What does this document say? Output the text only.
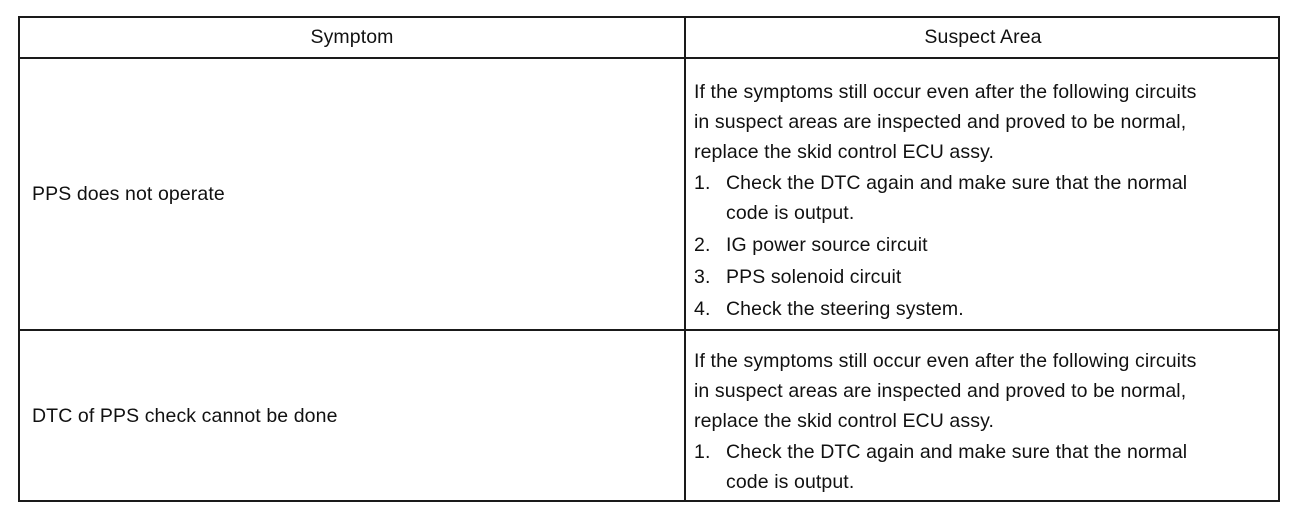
Symptom	Suspect Area
PPS does not operate
If the symptoms still occur even after the following circuits
in suspect areas are inspected and proved to be normal,
replace the skid control ECU assy.
1. Check the DTC again and make sure that the normal
code is output.
2. IG power source circuit
3. PPS solenoid circuit
4. Check the steering system.
DTC of PPS check cannot be done
If the symptoms still occur even after the following circuits
in suspect areas are inspected and proved to be normal,
replace the skid control ECU assy.
1. Check the DTC again and make sure that the normal
code is output.
